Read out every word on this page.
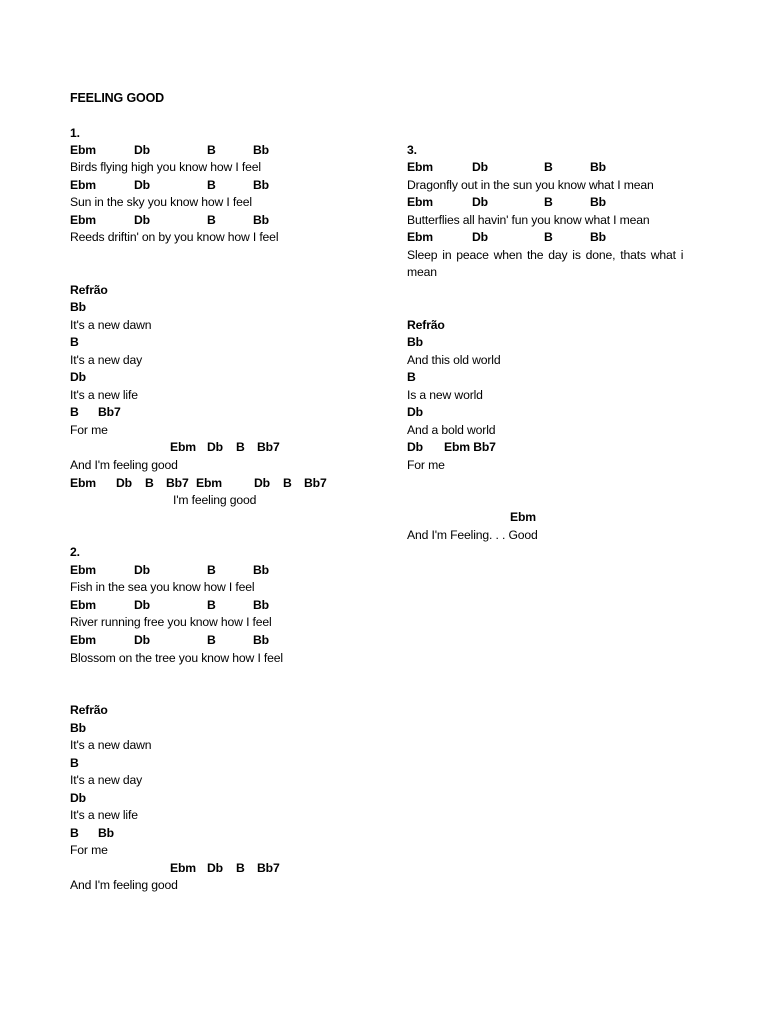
FEELING GOOD
1.
Ebm	Db	B	Bb
Birds flying high you know how I feel
Ebm	Db	B	Bb
Sun in the sky you know how I feel
Ebm	Db	B	Bb
Reeds driftin' on by you know how I feel
Refrão
Bb
It's a new dawn
B
It's a new day
Db
It's a new life
B Bb7
For me
Ebm Db B Bb7
And I'm feeling good
Ebm Db B Bb7 Ebm	Db B Bb7
I'm feeling good
2.
Ebm	Db	B	Bb
Fish in the sea you know how I feel
Ebm	Db	B	Bb
River running free you know how I feel
Ebm	Db	B	Bb
Blossom on the tree you know how I feel
Refrão
Bb
It's a new dawn
B
It's a new day
Db
It's a new life
B Bb
For me
Ebm Db B Bb7
And I'm feeling good
3.
Ebm	Db	B	Bb
Dragonfly out in the sun you know what I mean
Ebm	Db	B	Bb
Butterflies all havin' fun you know what I mean
Ebm	Db	B	Bb
Sleep in peace when the day is done, thats what i
mean
Refrão
Bb
And this old world
B
Is a new world
Db
And a bold world
Db Ebm Bb7
For me
Ebm
And I'm Feeling. . . Good
